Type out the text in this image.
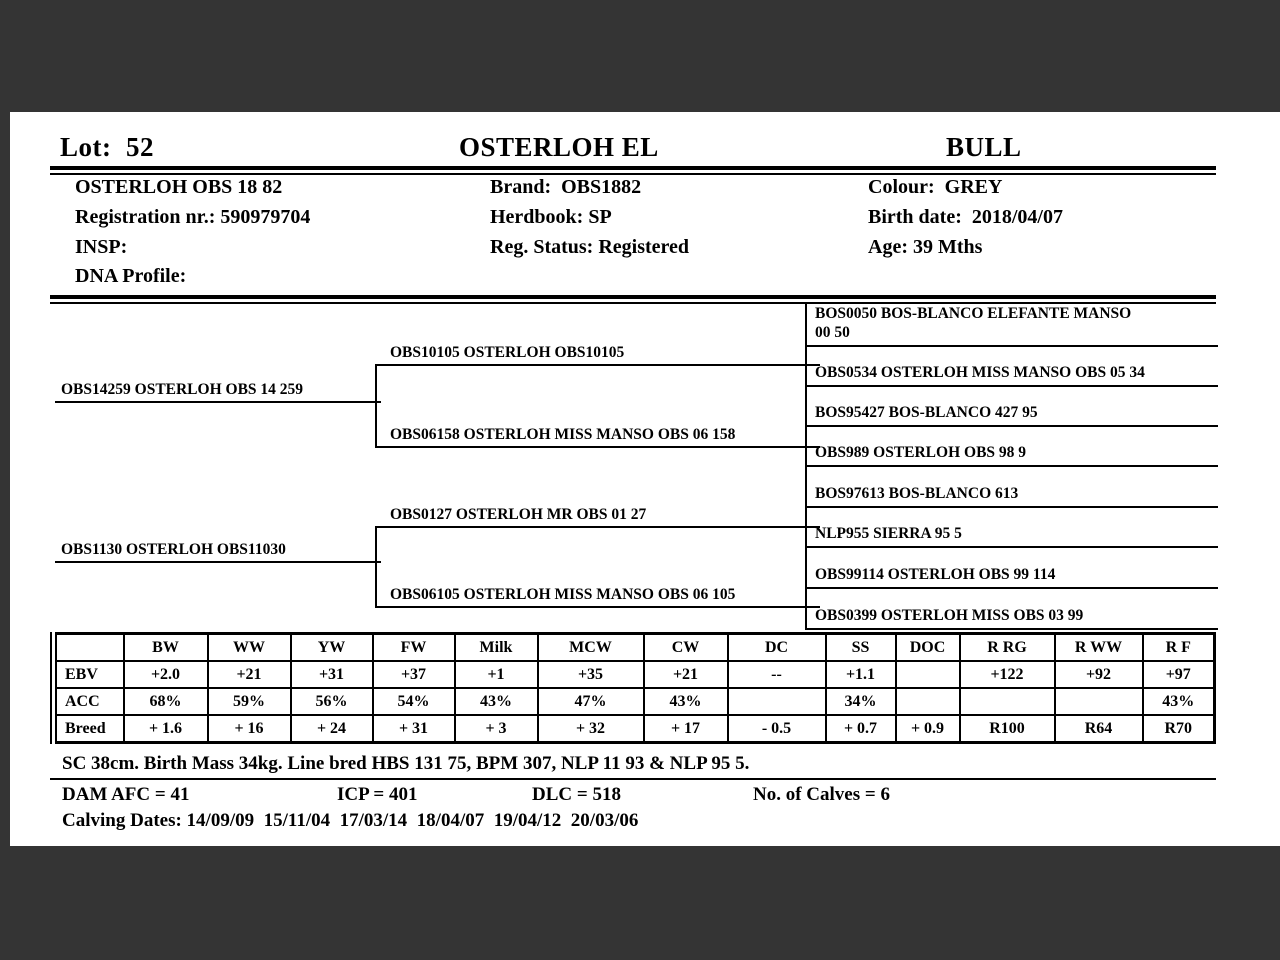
Lot:  52	OSTERLOH EL	BULL
OSTERLOH OBS 18 82
Registration nr.: 590979704
INSP:
DNA Profile:
Brand:  OBS1882
Herdbook: SP
Reg. Status: Registered
Colour:  GREY
Birth date:  2018/04/07
Age: 39 Mths
OBS14259 OSTERLOH OBS 14 259
OBS1130 OSTERLOH OBS11030
OBS10105 OSTERLOH OBS10105
OBS06158 OSTERLOH MISS MANSO OBS 06 158
OBS0127 OSTERLOH MR OBS 01 27
OBS06105 OSTERLOH MISS MANSO OBS 06 105
BOS0050 BOS-BLANCO ELEFANTE MANSO 00 50
OBS0534 OSTERLOH MISS MANSO OBS 05 34
BOS95427 BOS-BLANCO 427 95
OBS989 OSTERLOH OBS 98 9
BOS97613 BOS-BLANCO 613
NLP955 SIERRA 95 5
OBS99114 OSTERLOH OBS 99 114
OBS0399 OSTERLOH MISS OBS 03 99
	BW	WW	YW	FW	Milk	MCW	CW	DC	SS	DOC	R RG	R WW	R F
EBV	+2.0	+21	+31	+37	+1	+35	+21	--	+1.1		+122	+92	+97
ACC	68%	59%	56%	54%	43%	47%	43%		34%				43%
Breed	+ 1.6	+ 16	+ 24	+ 31	+ 3	+ 32	+ 17	- 0.5	+ 0.7	+ 0.9	R100	R64	R70
SC 38cm. Birth Mass 34kg. Line bred HBS 131 75, BPM 307, NLP 11 93 & NLP 95 5.
DAM AFC = 41	ICP = 401	DLC = 518	No. of Calves = 6
Calving Dates: 14/09/09  15/11/04  17/03/14  18/04/07  19/04/12  20/03/06
